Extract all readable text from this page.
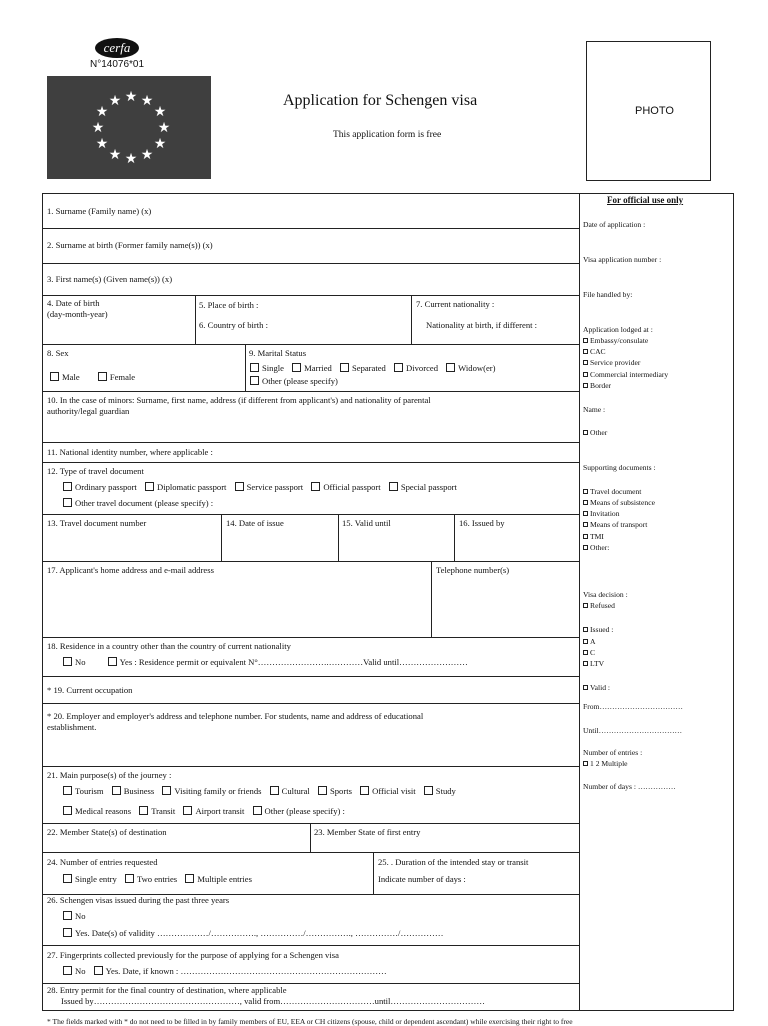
cerfa
N°14076*01
★ ★
★
★
★
★
★
★
★
★
★
★	Application for Schengen visa
This application form is free
PHOTO
1. Surname (Family name) (x)
2. Surname at birth (Former family name(s)) (x)
3. First name(s) (Given name(s)) (x)
4. Date of birth
(day-month-year)
5. Place of birth :
6. Country of birth :
7. Current nationality :
Nationality at birth, if different :
8. Sex
Male	Female
9. Marital Status
Single Married Separated Divorced Widow(er)
Other (please specify)
10. In the case of minors: Surname, first name, address (if different from applicant's) and nationality of parental
authority/legal guardian
11. National identity number, where applicable :
12. Type of travel document
Ordinary passport Diplomatic passport Service passport Official passport Special passport
Other travel document (please specify) :
13. Travel document number	14. Date of issue	15. Valid until	16. Issued by
17. Applicant's home address and e-mail address	Telephone number(s)
18. Residence in a country other than the country of current nationality
No	Yes : Residence permit or equivalent N°…………………….…………Valid until……………………
* 19. Current occupation
* 20. Employer and employer's address and telephone number. For students, name and address of educational
establishment.
21. Main purpose(s) of the journey :
Tourism Business Visiting family or friends Cultural Sports Official visit Study
Medical reasons Transit Airport transit Other (please specify) :
22. Member State(s) of destination	23. Member State of first entry
24. Number of entries requested
Single entry Two entries Multiple entries
25. . Duration of the intended stay or transit
Indicate number of days :
26. Schengen visas issued during the past three years
No
Yes. Date(s) of validity ………………/……………., ……………/……………., ……………/……………
27. Fingerprints collected previously for the purpose of applying for a Schengen visa
No Yes. Date, if known : ………………………………………………………………
28. Entry permit for the final country of destination, where applicable
Issued by……………………………………………, valid from……………………………until……………………………
* The fields marked with * do not need to be filled in by family members of EU, EEA or CH citizens (spouse, child or dependent ascendant) while exercising their right to free
For official use only
Date of application :
Visa application number :
File handled by:
Application lodged at :
Embassy/consulate
CAC
Service provider
Commercial intermediary
Border
Name :
Other
Supporting documents :
Travel document
Means of subsistence
Invitation
Means of transport
TMI
Other:
Visa decision :
Refused
Issued :
A
C
LTV
Valid :
From……………………………
Until……………………………
Number of entries :
1 2 Multiple
Number of days : ……………
